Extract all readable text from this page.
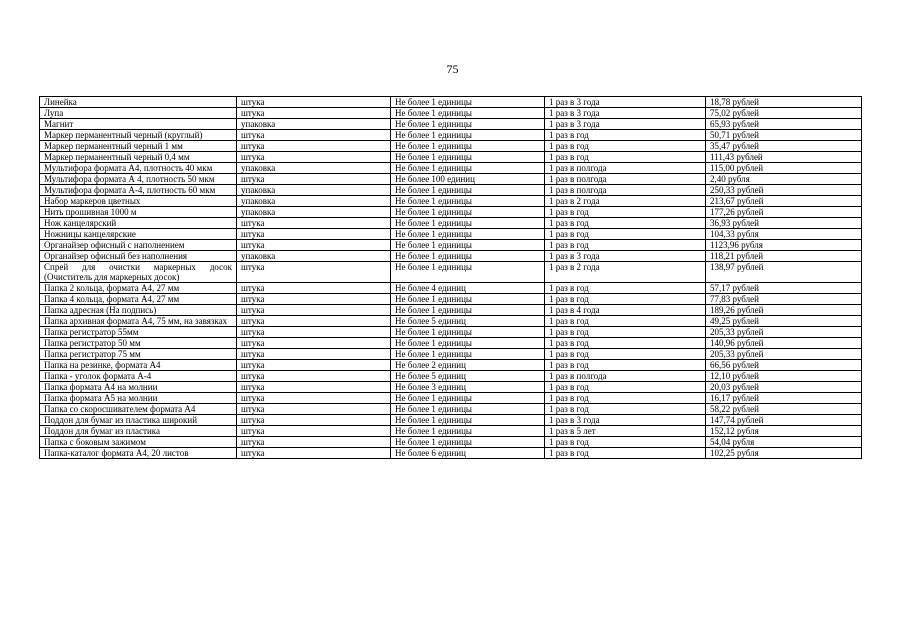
75
Линейка	штука	Не более 1 единицы	1 раз в 3 года	18,78 рублей
Лупа	штука	Не более 1 единицы	1 раз в 3 года	75,02 рублей
Магнит	упаковка	Не более 1 единицы	1 раз в 3 года	65,93 рублей
Маркер перманентный черный (круглый)	штука	Не более 1 единицы	1 раз в год	50,71 рублей
Маркер перманентный черный 1 мм	штука	Не более 1 единицы	1 раз в год	35,47 рублей
Маркер перманентный черный 0,4 мм	штука	Не более 1 единицы	1 раз в год	111,43 рублей
Мультифора формата А4, плотность 40 мкм	упаковка	Не более 1 единицы	1 раз в полгода	115,00 рублей
Мультифора формата А 4, плотность 50 мкм	штука	Не более 100 единиц	1 раз в полгода	2,40 рубля
Мультифора формата А-4, плотность 60 мкм	упаковка	Не более 1 единицы	1 раз в полгода	250,33 рублей
Набор маркеров цветных	упаковка	Не более 1 единицы	1 раз в 2 года	213,67 рублей
Нить прошивная 1000 м	упаковка	Не более 1 единицы	1 раз в год	177,26 рублей
Нож канцелярский	штука	Не более 1 единицы	1 раз в год	36,93 рублей
Ножницы канцелярские	штука	Не более 1 единицы	1 раз в год	104,33 рубля
Органайзер офисный с наполнением	штука	Не более 1 единицы	1 раз в год	1123,96 рубля
Органайзер офисный без наполнения	упаковка	Не более 1 единицы	1 раз в 3 года	118,21 рублей
Спрей для очистки маркерных досок (Очиститель для маркерных досок)	штука	Не более 1 единицы	1 раз в 2 года	138,97 рублей
Папка 2 кольца, формата А4, 27 мм	штука	Не более 4 единиц	1 раз в год	57,17 рублей
Папка 4 кольца, формата А4, 27 мм	штука	Не более 1 единицы	1 раз в год	77,83 рублей
Папка адресная (На подпись)	штука	Не более 1 единицы	1 раз в 4 года	189,26 рублей
Папка архивная формата А4, 75 мм, на завязках	штука	Не более 5 единиц	1 раз в год	49,25 рублей
Папка регистратор 55мм	штука	Не более 1 единицы	1 раз в год	205,33 рублей
Папка регистратор 50 мм	штука	Не более 1 единицы	1 раз в год	140,96 рублей
Папка регистратор 75 мм	штука	Не более 1 единицы	1 раз в год	205,33 рублей
Папка на резинке, формата А4	штука	Не более 2 единиц	1 раз в год	66,56 рублей
Папка - уголок формата А-4	штука	Не более 5 единиц	1 раз в полгода	12,10 рублей
Папка формата А4 на молнии	штука	Не более 3 единиц	1 раз в год	20,03 рублей
Папка формата А5 на молнии	штука	Не более 1 единицы	1 раз в год	16,17 рублей
Папка со скоросшивателем формата А4	штука	Не более 1 единицы	1 раз в год	58,22 рублей
Поддон для бумаг из пластика широкий	штука	Не более 1 единицы	1 раз в 3 года	147,74 рублей
Поддон для бумаг из пластика	штука	Не более 1 единицы	1 раз в 5 лет	152,12 рубля
Папка с боковым зажимом	штука	Не более 1 единицы	1 раз в год	54,04 рубля
Папка-каталог формата А4, 20 листов	штука	Не более 6 единиц	1 раз в год	102,25 рубля
